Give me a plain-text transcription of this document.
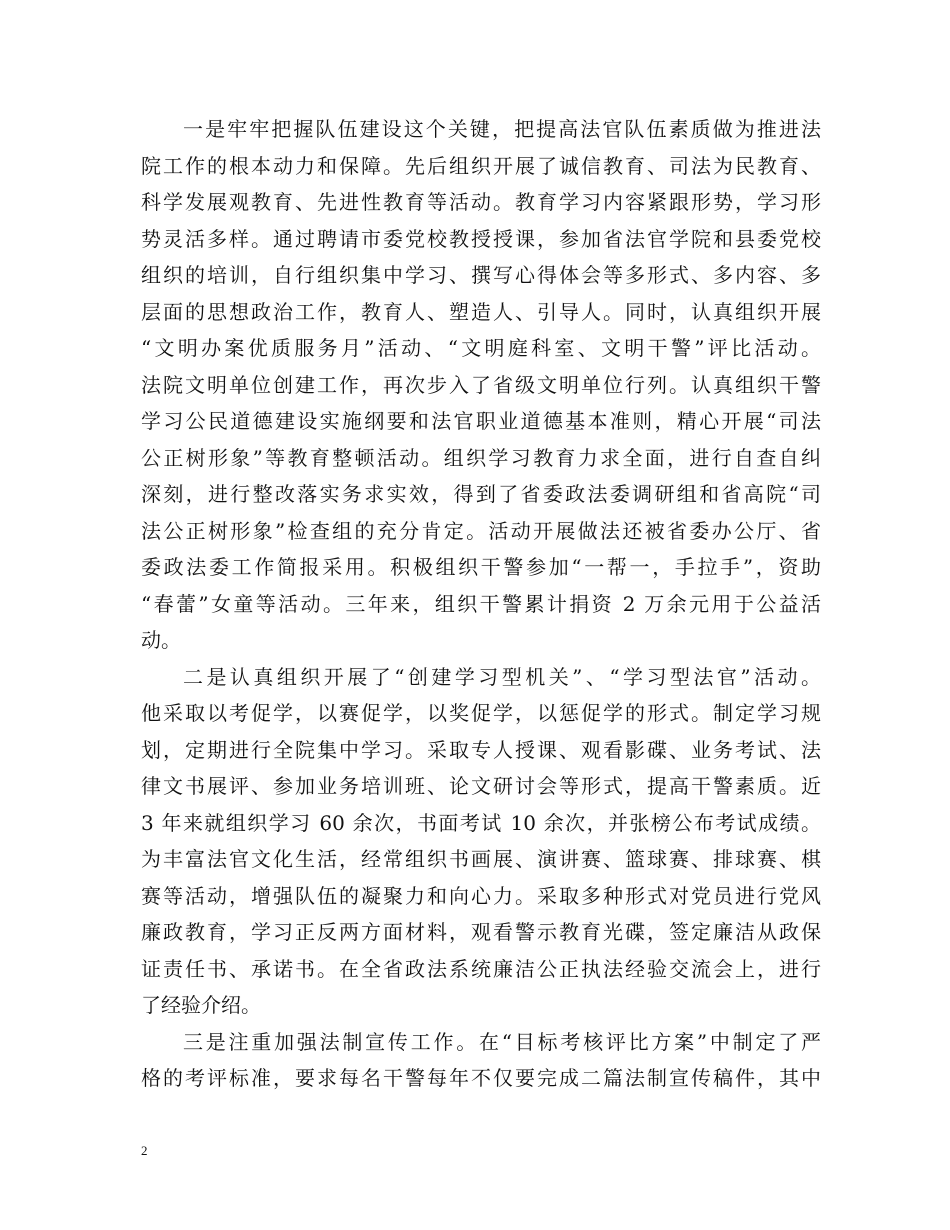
一是牢牢把握队伍建设这个关键，把提高法官队伍素质做为推进法
院工作的根本动力和保障。先后组织开展了诚信教育、司法为民教育、
科学发展观教育、先进性教育等活动。教育学习内容紧跟形势，学习形
势灵活多样。通过聘请市委党校教授授课，参加省法官学院和县委党校
组织的培训，自行组织集中学习、撰写心得体会等多形式、多内容、多
层面的思想政治工作，教育人、塑造人、引导人。同时，认真组织开展
“文明办案优质服务月”活动、“文明庭科室、文明干警”评比活动。
法院文明单位创建工作，再次步入了省级文明单位行列。认真组织干警
学习公民道德建设实施纲要和法官职业道德基本准则，精心开展“司法
公正树形象”等教育整顿活动。组织学习教育力求全面，进行自查自纠
深刻，进行整改落实务求实效，得到了省委政法委调研组和省高院“司
法公正树形象”检查组的充分肯定。活动开展做法还被省委办公厅、省
委政法委工作简报采用。积极组织干警参加“一帮一，手拉手”，资助
“春蕾”女童等活动。三年来，组织干警累计捐资 2 万余元用于公益活
动。
二是认真组织开展了“创建学习型机关”、“学习型法官”活动。
他采取以考促学，以赛促学，以奖促学，以惩促学的形式。制定学习规
划，定期进行全院集中学习。采取专人授课、观看影碟、业务考试、法
律文书展评、参加业务培训班、论文研讨会等形式，提高干警素质。近
3 年来就组织学习 60 余次，书面考试 10 余次，并张榜公布考试成绩。
为丰富法官文化生活，经常组织书画展、演讲赛、篮球赛、排球赛、棋
赛等活动，增强队伍的凝聚力和向心力。采取多种形式对党员进行党风
廉政教育，学习正反两方面材料，观看警示教育光碟，签定廉洁从政保
证责任书、承诺书。在全省政法系统廉洁公正执法经验交流会上，进行
了经验介绍。
三是注重加强法制宣传工作。在“目标考核评比方案”中制定了严
格的考评标准，要求每名干警每年不仅要完成二篇法制宣传稿件，其中
2
